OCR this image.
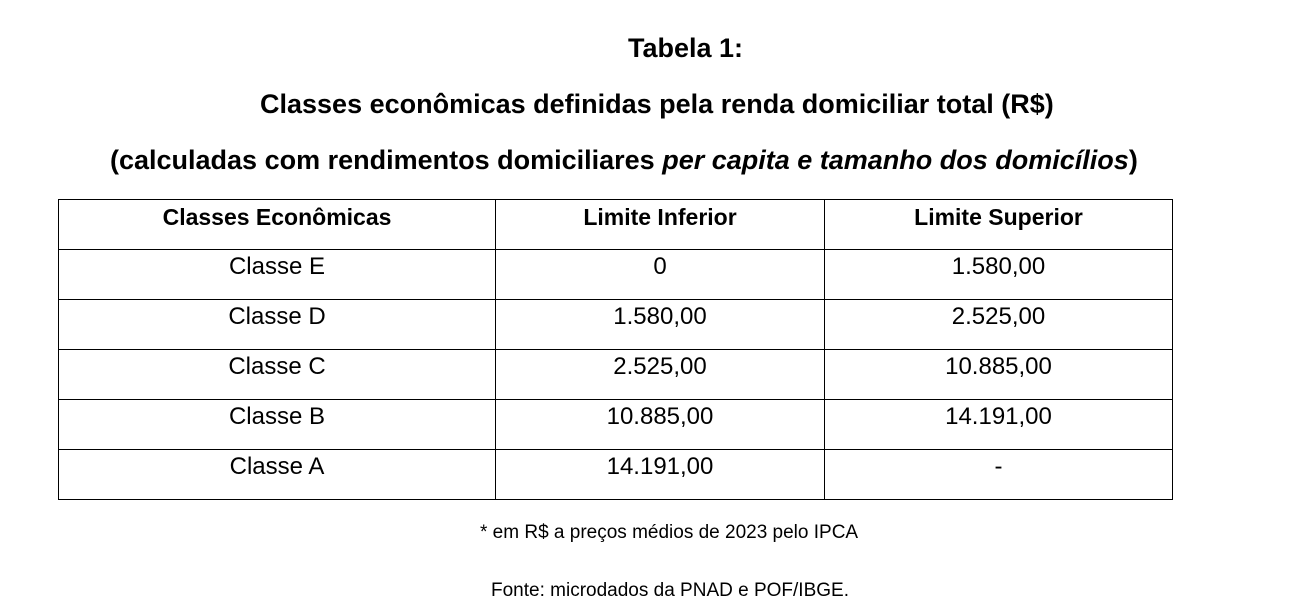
Tabela 1:
Classes econômicas definidas pela renda domiciliar total (R$)
(calculadas com rendimentos domiciliares per capita e tamanho dos domicílios)
Classes Econômicas	Limite Inferior	Limite Superior
Classe E	0	1.580,00
Classe D	1.580,00	2.525,00
Classe C	2.525,00	10.885,00
Classe B	10.885,00	14.191,00
Classe A	14.191,00	-
* em R$ a preços médios de 2023 pelo IPCA
Fonte: microdados da PNAD e POF/IBGE.
